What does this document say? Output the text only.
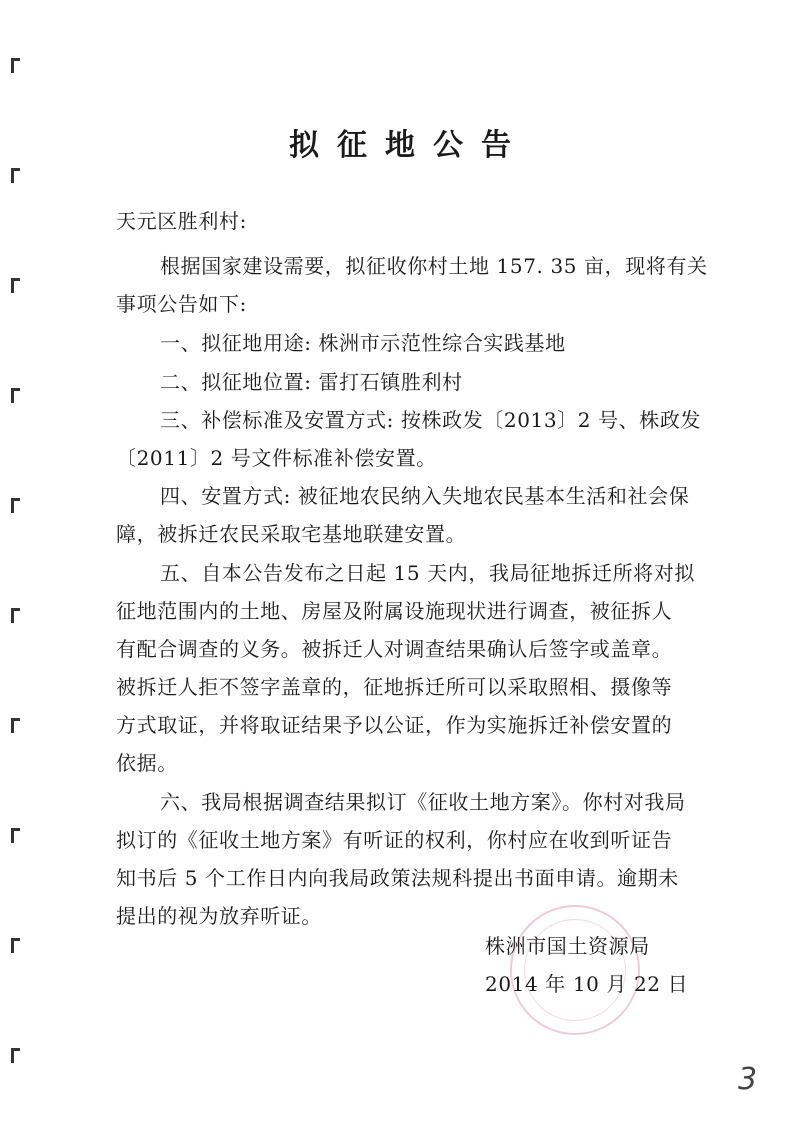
拟征地公告
天元区胜利村:
根据国家建设需要，拟征收你村土地 157. 35 亩，现将有关
事项公告如下:
一、拟征地用途: 株洲市示范性综合实践基地
二、拟征地位置: 雷打石镇胜利村
三、补偿标准及安置方式: 按株政发〔2013〕2 号、株政发
〔2011〕2 号文件标准补偿安置。
四、安置方式: 被征地农民纳入失地农民基本生活和社会保
障，被拆迁农民采取宅基地联建安置。
五、自本公告发布之日起 15 天内，我局征地拆迁所将对拟
征地范围内的土地、房屋及附属设施现状进行调查，被征拆人
有配合调查的义务。被拆迁人对调查结果确认后签字或盖章。
被拆迁人拒不签字盖章的，征地拆迁所可以采取照相、摄像等
方式取证，并将取证结果予以公证，作为实施拆迁补偿安置的
依据。
六、我局根据调查结果拟订《征收土地方案》。你村对我局
拟订的《征收土地方案》有听证的权利，你村应在收到听证告
知书后 5 个工作日内向我局政策法规科提出书面申请。逾期未
提出的视为放弃听证。
株洲市国土资源局
2014 年 10 月 22 日
3
